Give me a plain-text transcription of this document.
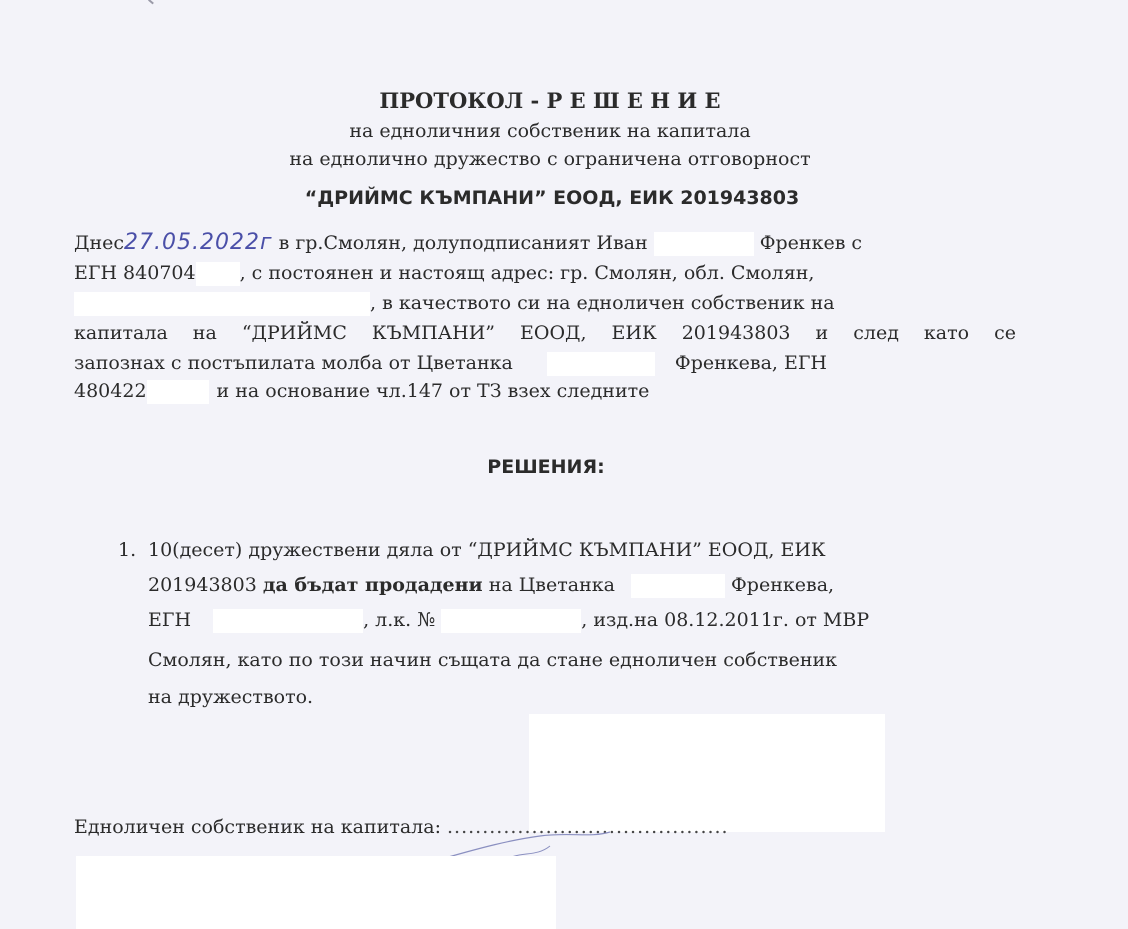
ПРОТОКОЛ - Р Е Ш Е Н И Е
на едноличния собственик на капитала
на еднолично дружество с ограничена отговорност
“ДРИЙМС КЪМПАНИ” ЕООД, ЕИК 201943803
Днес27.05.2022г в гр.Смолян, долуподписаният Иван	Френкев с
ЕГН 840704 , с постоянен и настоящ адрес: гр. Смолян, обл. Смолян,
, в качеството си на едноличен собственик на
капитала на “ДРИЙМС КЪМПАНИ” ЕООД, ЕИК 201943803 и след като се
запознах с постъпилата молба от Цветанка	Френкева, ЕГН
480422	и на основание чл.147 от ТЗ взех следните
РЕШЕНИЯ:
1. 10(десет) дружествени дяла от “ДРИЙМС КЪМПАНИ” ЕООД, ЕИК
201943803 да бъдат продадени на Цветанка	Френкева,
ЕГН	, л.к. №	, изд.на 08.12.2011г. от МВР
Смолян, като по този начин същата да стане едноличен собственик
на дружеството.
Едноличен собственик на капитала: ........................................
